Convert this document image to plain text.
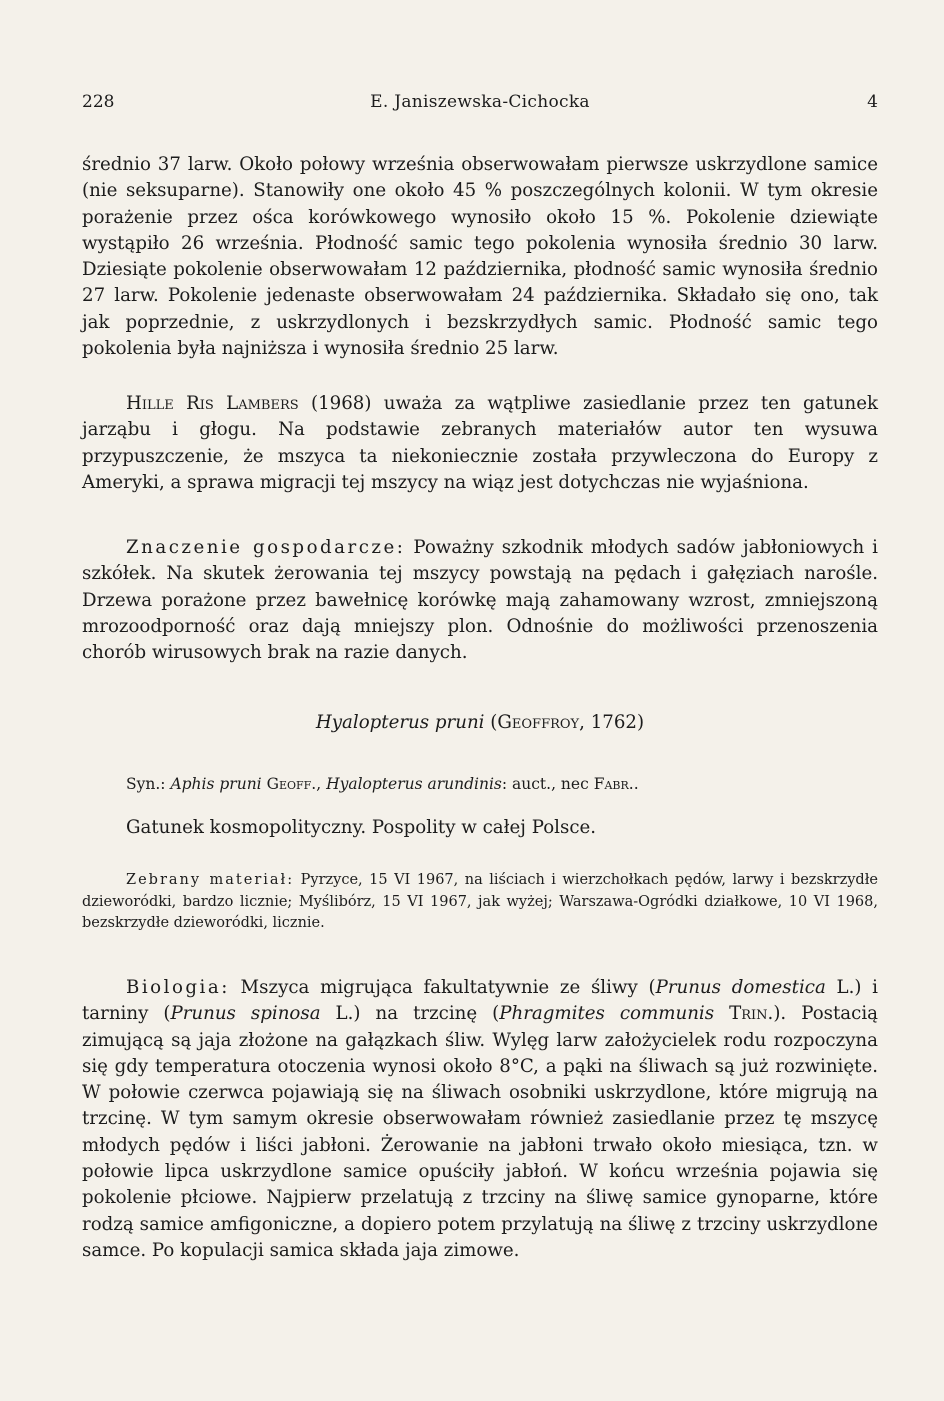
228	E. Janiszewska-Cichocka	4

średnio 37 larw. Około połowy września obserwowałam pierwsze uskrzydlone samice (nie seksuparne). Stanowiły one około 45 % poszczególnych kolonii. W tym okresie porażenie przez ośca korówkowego wynosiło około 15 %. Pokolenie dziewiąte wystąpiło 26 września. Płodność samic tego pokolenia wynosiła średnio 30 larw. Dziesiąte pokolenie obserwowałam 12 października, płodność samic wynosiła średnio 27 larw. Pokolenie jedenaste obserwowałam 24 października. Składało się ono, tak jak poprzednie, z uskrzydlonych i bezskrzydłych samic. Płodność samic tego pokolenia była najniższa i wynosiła średnio 25 larw.

Hille Ris Lambers (1968) uważa za wątpliwe zasiedlanie przez ten gatunek jarząbu i głogu. Na podstawie zebranych materiałów autor ten wysuwa przypuszczenie, że mszyca ta niekoniecznie została przywleczona do Europy z Ameryki, a sprawa migracji tej mszycy na wiąz jest dotychczas nie wyjaśniona.

Znaczenie gospodarcze: Poważny szkodnik młodych sadów jabłoniowych i szkółek. Na skutek żerowania tej mszycy powstają na pędach i gałęziach narośle. Drzewa porażone przez bawełnicę korówkę mają zahamowany wzrost, zmniejszoną mrozoodporność oraz dają mniejszy plon. Odnośnie do możliwości przenoszenia chorób wirusowych brak na razie danych.

Hyalopterus pruni (Geoffroy, 1762)

Syn.: Aphis pruni Geoff., Hyalopterus arundinis: auct., nec Fabr..

Gatunek kosmopolityczny. Pospolity w całej Polsce.

Zebrany materiał: Pyrzyce, 15 VI 1967, na liściach i wierzchołkach pędów, larwy i bezskrzydłe dzieworódki, bardzo licznie; Myślibórz, 15 VI 1967, jak wyżej; Warszawa-Ogródki działkowe, 10 VI 1968, bezskrzydłe dzieworódki, licznie.

Biologia: Mszyca migrująca fakultatywnie ze śliwy (Prunus domestica L.) i tarniny (Prunus spinosa L.) na trzcinę (Phragmites communis Trin.). Postacią zimującą są jaja złożone na gałązkach śliw. Wylęg larw założycielek rodu rozpoczyna się gdy temperatura otoczenia wynosi około 8°C, a pąki na śliwach są już rozwinięte. W połowie czerwca pojawiają się na śliwach osobniki uskrzydlone, które migrują na trzcinę. W tym samym okresie obserwowałam również zasiedlanie przez tę mszycę młodych pędów i liści jabłoni. Żerowanie na jabłoni trwało około miesiąca, tzn. w połowie lipca uskrzydlone samice opuściły jabłoń. W końcu września pojawia się pokolenie płciowe. Najpierw przelatują z trzciny na śliwę samice gynoparne, które rodzą samice amfigoniczne, a dopiero potem przylatują na śliwę z trzciny uskrzydlone samce. Po kopulacji samica składa jaja zimowe.
